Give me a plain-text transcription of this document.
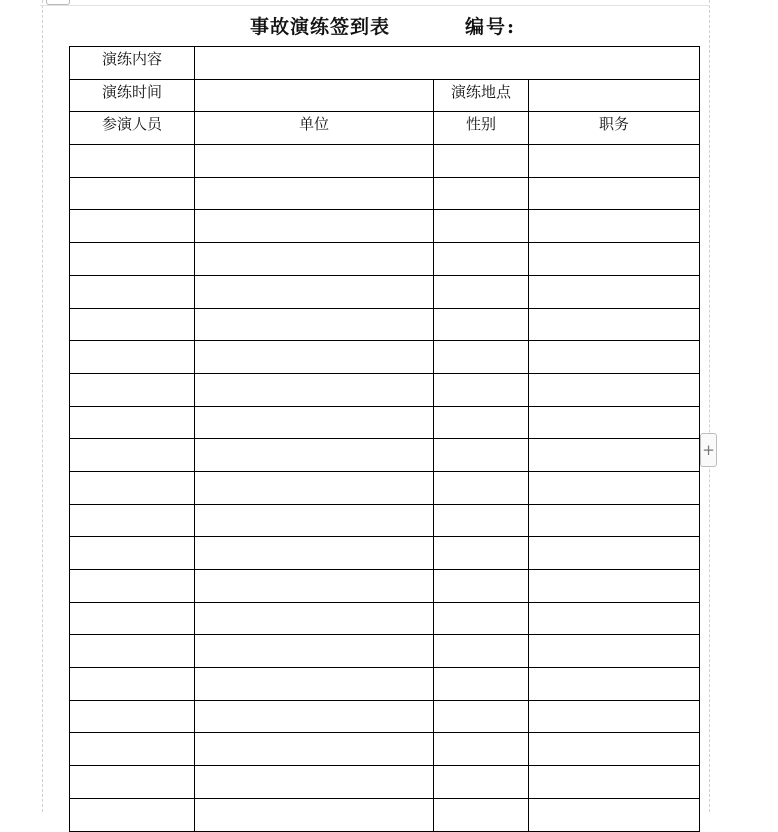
事故演练签到表	编号:
演练内容			

演练时间		演练地点	

参演人员	单位	性别	职务

+
